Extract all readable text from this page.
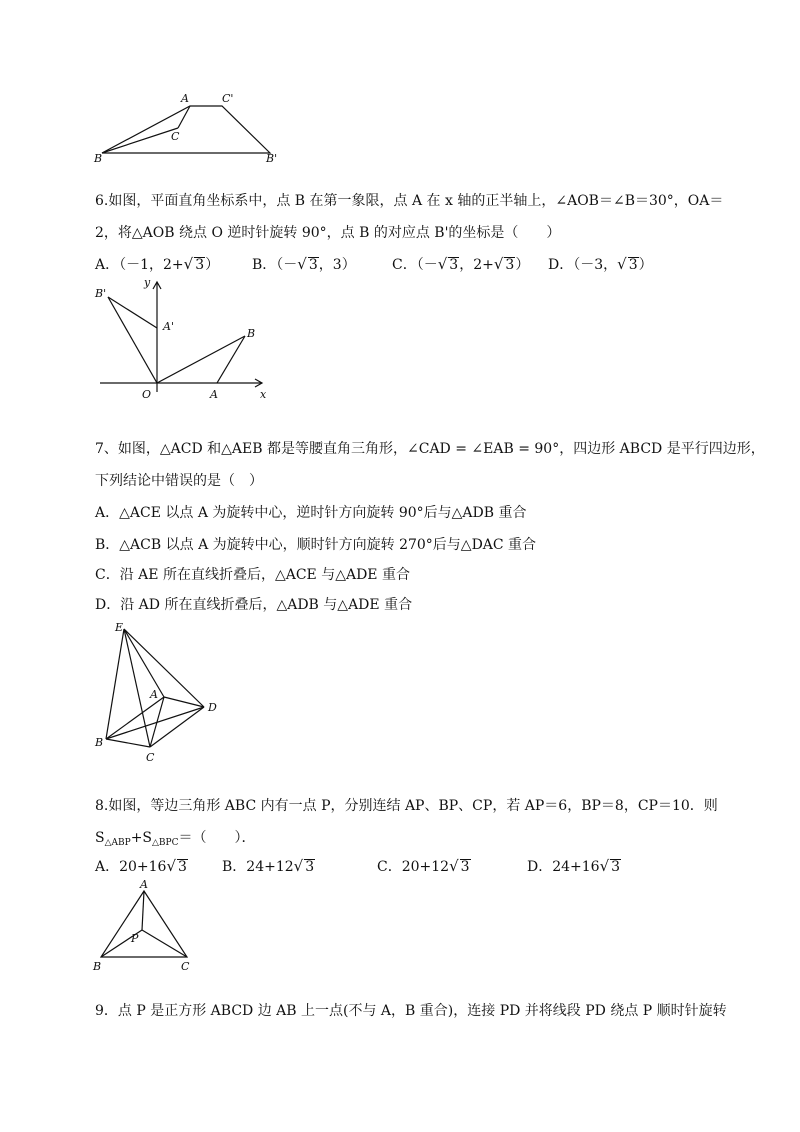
A	C'
C
B	B'
6.如图，平面直角坐标系中，点 B 在第一象限，点 A 在 x 轴的正半轴上，∠AOB＝∠B＝30°，OA＝
2，将△AOB 绕点 O 逆时针旋转 90°，点 B 的对应点 B'的坐标是（　　）
A．（－1，2+√ 3） B．（－√ 3，3）	C．（－√ 3，2+√ 3） D．（－3，√ 3）
B'
y
A'
B
O	A	x
7、如图，△ACD 和△AEB 都是等腰直角三角形，∠CAD = ∠EAB = 90°，四边形 ABCD 是平行四边形，
下列结论中错误的是（　）
A．△ACE 以点 A 为旋转中心，逆时针方向旋转 90°后与△ADB 重合
B．△ACB 以点 A 为旋转中心，顺时针方向旋转 270°后与△DAC 重合
C．沿 AE 所在直线折叠后，△ACE 与△ADE 重合
D．沿 AD 所在直线折叠后，△ADB 与△ADE 重合
E
A
D
B
C
8.如图，等边三角形 ABC 内有一点 P，分别连结 AP、BP、CP，若 AP＝6，BP＝8，CP＝10．则
$S_{\triangle ABP}+S_{\triangle BPC}=$（　　）．
A．20+16√ 3	B．24+12√ 3	C．20+12√ 3	D．24+16√ 3
A
P
B	C
9．点 P 是正方形 ABCD 边 AB 上一点(不与 A，B 重合)，连接 PD 并将线段 PD 绕点 P 顺时针旋转
